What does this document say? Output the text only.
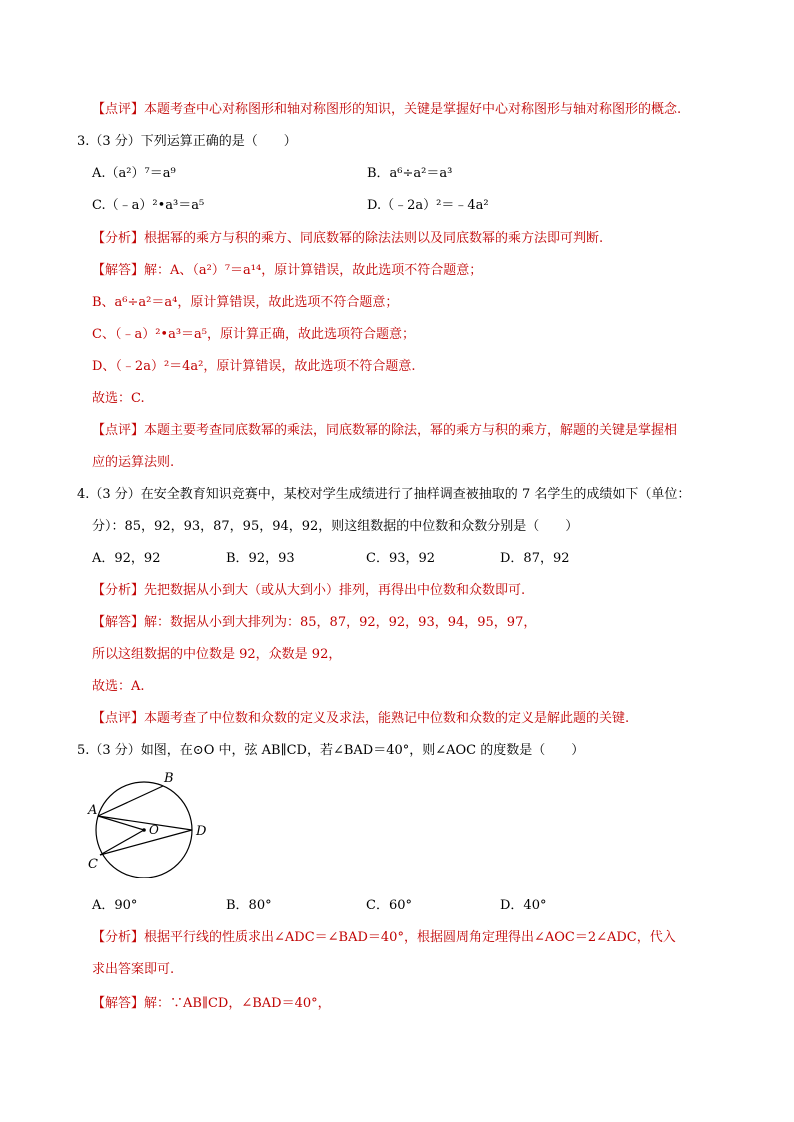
【点评】本题考查中心对称图形和轴对称图形的知识，关键是掌握好中心对称图形与轴对称图形的概念.
3.（3 分）下列运算正确的是（　　）
A.（a²）⁷＝a⁹	B．a⁶÷a²＝a³
C.（﹣a）²•a³＝a⁵	D.（﹣2a）²＝﹣4a²
【分析】根据幂的乘方与积的乘方、同底数幂的除法法则以及同底数幂的乘方法即可判断.
【解答】解：A、（a²）⁷＝a¹⁴，原计算错误，故此选项不符合题意；
B、a⁶÷a²＝a⁴，原计算错误，故此选项不符合题意；
C、（﹣a）²•a³＝a⁵，原计算正确，故此选项符合题意；
D、（﹣2a）²＝4a²，原计算错误，故此选项不符合题意.
故选：C.
【点评】本题主要考查同底数幂的乘法，同底数幂的除法，幂的乘方与积的乘方，解题的关键是掌握相
应的运算法则.
4.（3 分）在安全教育知识竞赛中，某校对学生成绩进行了抽样调查被抽取的 7 名学生的成绩如下（单位：
分）：85，92，93，87，95，94，92，则这组数据的中位数和众数分别是（　　）
A．92，92	B．92，93	C．93，92	D．87，92
【分析】先把数据从小到大（或从大到小）排列，再得出中位数和众数即可.
【解答】解：数据从小到大排列为：85，87，92，92，93，94，95，97，
所以这组数据的中位数是 92，众数是 92，
故选：A.
【点评】本题考查了中位数和众数的定义及求法，能熟记中位数和众数的定义是解此题的关键.
5.（3 分）如图，在⊙O 中，弦 AB∥CD，若∠BAD＝40°，则∠AOC 的度数是（　　）
A
B
C
D
O
A．90°	B．80°	C．60°	D．40°
【分析】根据平行线的性质求出∠ADC＝∠BAD＝40°，根据圆周角定理得出∠AOC＝2∠ADC，代入
求出答案即可.
【解答】解：∵AB∥CD，∠BAD＝40°，
